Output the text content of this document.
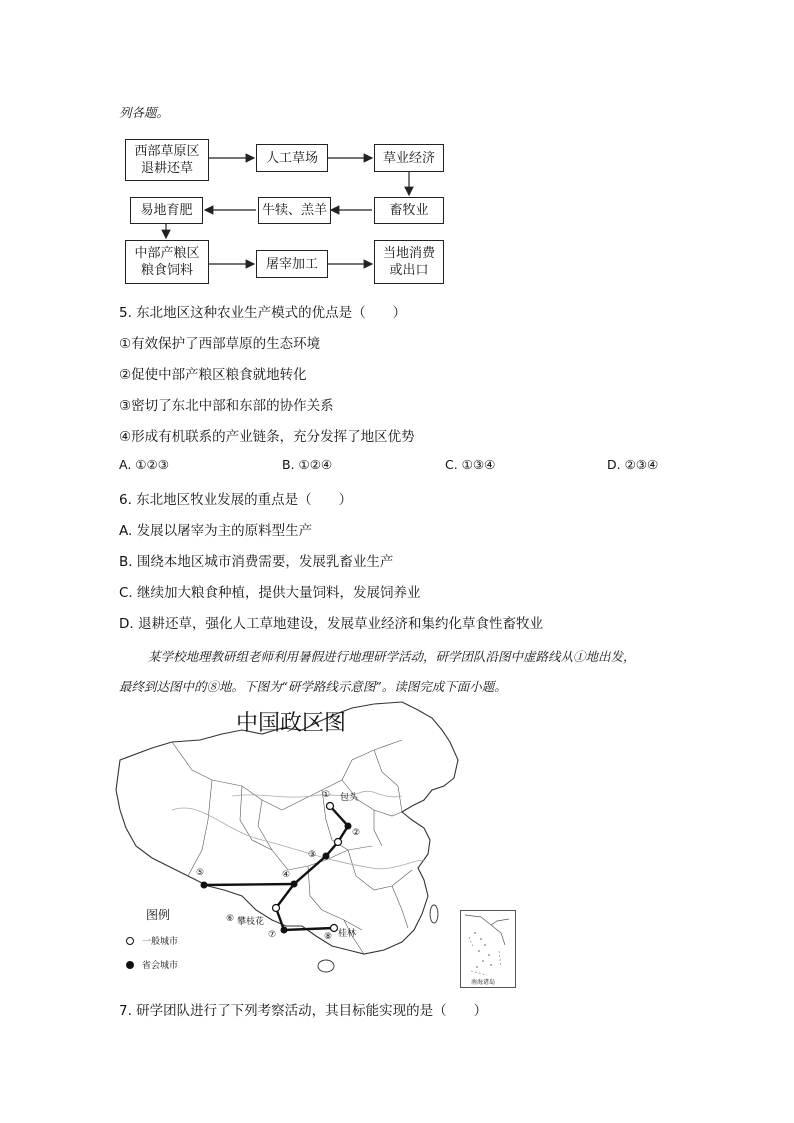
列各题。
西部草原区
退耕还草
人工草场	草业经济
畜牧业
牛犊、羔羊
易地育肥
中部产粮区
粮食饲料	屠宰加工
当地消费
或出口
5. 东北地区这种农业生产模式的优点是（　　）
①有效保护了西部草原的生态环境
②促使中部产粮区粮食就地转化
③密切了东北中部和东部的协作关系
④形成有机联系的产业链条，充分发挥了地区优势
A. ①②③	B. ①②④	C. ①③④	D. ②③④
6. 东北地区牧业发展的重点是（　　）
A. 发展以屠宰为主的原料型生产
B. 围绕本地区城市消费需要，发展乳畜业生产
C. 继续加大粮食种植，提供大量饲料，发展饲养业
D. 退耕还草，强化人工草地建设，发展草业经济和集约化草食性畜牧业
某学校地理教研组老师利用暑假进行地理研学活动，研学团队沿图中虚路线从①地出发，
最终到达图中的⑧地。下图为“研学路线示意图”。读图完成下面小题。
中国政区图
① 包头
②
③
④
⑤
⑥ 攀枝花
⑦	⑧ 桂林
图例
一般城市
省会城市
南海诸岛
7. 研学团队进行了下列考察活动，其目标能实现的是（　　）
